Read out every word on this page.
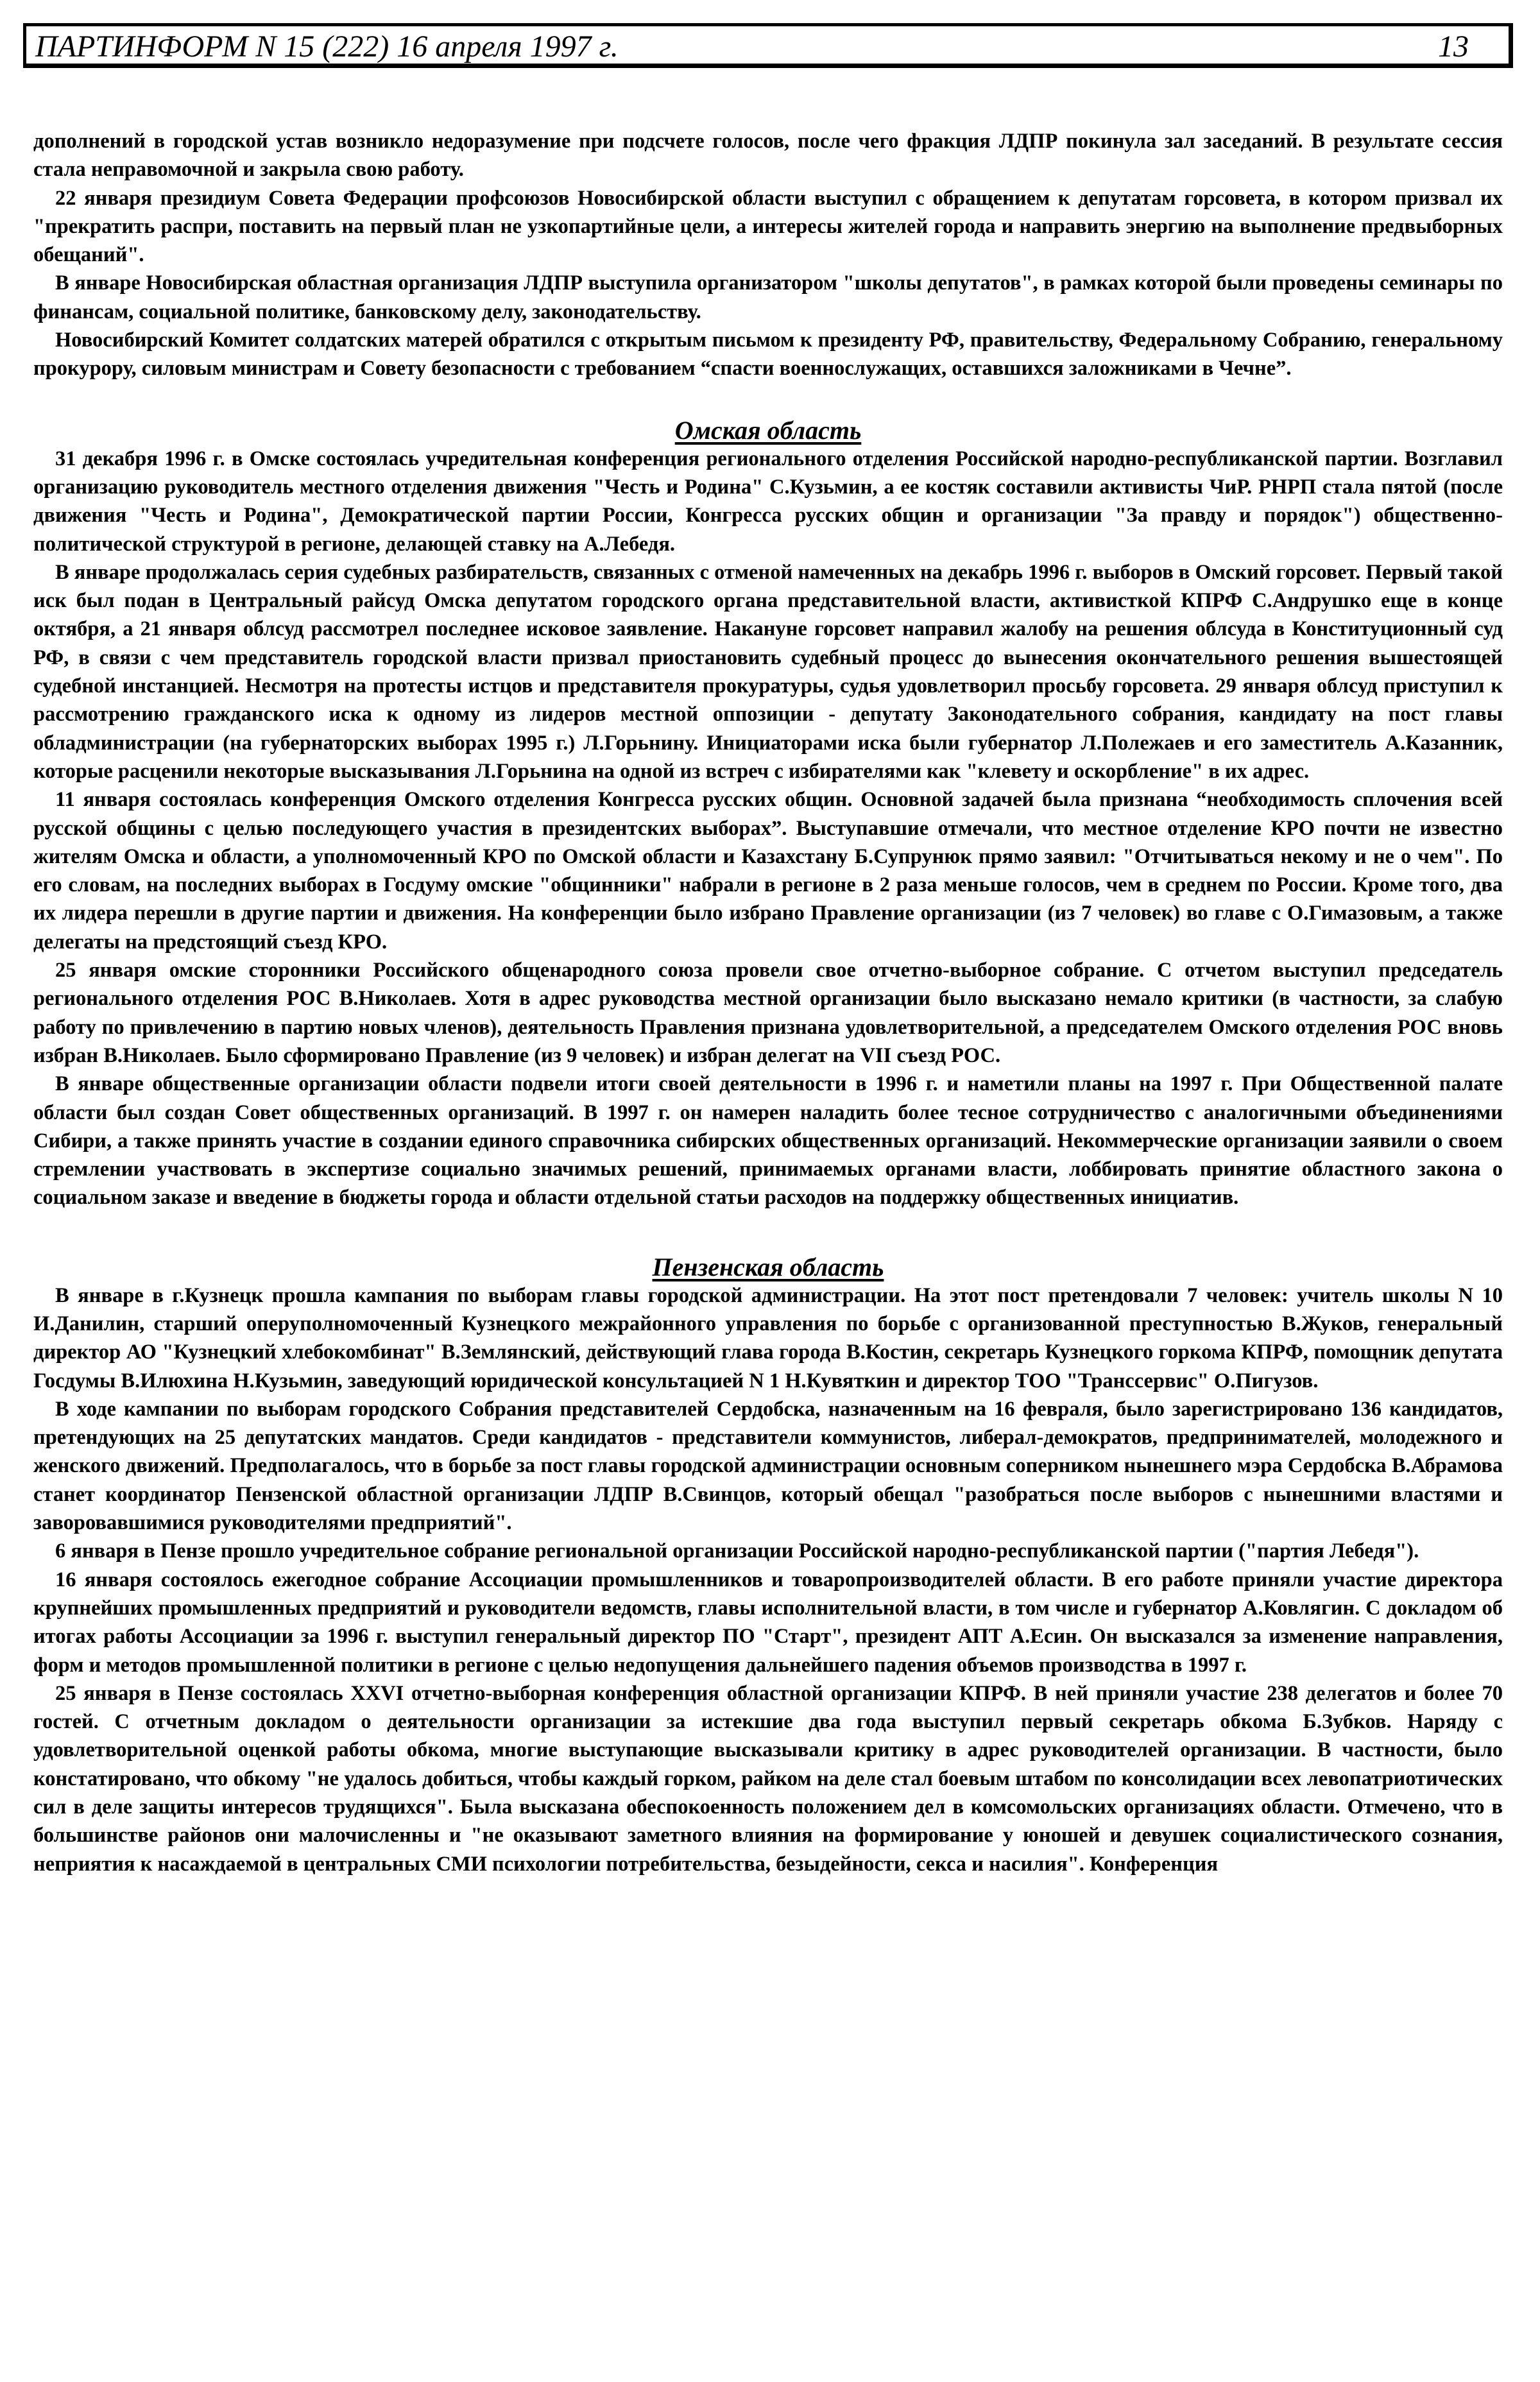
ПАРТИНФОРМ N 15 (222) 16 апреля 1997 г.	13

дополнений в городской устав возникло недоразумение при подсчете голосов, после чего фракция ЛДПР покинула зал заседаний. В результате сессия стала неправомочной и закрыла свою работу.

22 января президиум Совета Федерации профсоюзов Новосибирской области выступил с обращением к депутатам горсовета, в котором призвал их "прекратить распри, поставить на первый план не узкопартийные цели, а интересы жителей города и направить энергию на выполнение предвыборных обещаний".

В январе Новосибирская областная организация ЛДПР выступила организатором "школы депутатов", в рамках которой были проведены семинары по финансам, социальной политике, банковскому делу, законодательству.

Новосибирский Комитет солдатских матерей обратился с открытым письмом к президенту РФ, правительству, Федеральному Собранию, генеральному прокурору, силовым министрам и Совету безопасности с требованием “спасти военнослужащих, оставшихся заложниками в Чечне”.

Омская область

31 декабря 1996 г. в Омске состоялась учредительная конференция регионального отделения Российской народно-республиканской партии. Возглавил организацию руководитель местного отделения движения "Честь и Родина" С.Кузьмин, а ее костяк составили активисты ЧиР. РНРП стала пятой (после движения "Честь и Родина", Демократической партии России, Конгресса русских общин и организации "За правду и порядок") общественно-политической структурой в регионе, делающей ставку на А.Лебедя.

В январе продолжалась серия судебных разбирательств, связанных с отменой намеченных на декабрь 1996 г. выборов в Омский горсовет. Первый такой иск был подан в Центральный райсуд Омска депутатом городского органа представительной власти, активисткой КПРФ С.Андрушко еще в конце октября, а 21 января облсуд рассмотрел последнее исковое заявление. Накануне горсовет направил жалобу на решения облсуда в Конституционный суд РФ, в связи с чем представитель городской власти призвал приостановить судебный процесс до вынесения окончательного решения вышестоящей судебной инстанцией. Несмотря на протесты истцов и представителя прокуратуры, судья удовлетворил просьбу горсовета. 29 января облсуд приступил к рассмотрению гражданского иска к одному из лидеров местной оппозиции - депутату Законодательного собрания, кандидату на пост главы обладминистрации (на губернаторских выборах 1995 г.) Л.Горьнину. Инициаторами иска были губернатор Л.Полежаев и его заместитель А.Казанник, которые расценили некоторые высказывания Л.Горьнина на одной из встреч с избирателями как "клевету и оскорбление" в их адрес.

11 января состоялась конференция Омского отделения Конгресса русских общин. Основной задачей была признана “необходимость сплочения всей русской общины с целью последующего участия в президентских выборах”. Выступавшие отмечали, что местное отделение КРО почти не известно жителям Омска и области, а уполномоченный КРО по Омской области и Казахстану Б.Супрунюк прямо заявил: "Отчитываться некому и не о чем". По его словам, на последних выборах в Госдуму омские "общинники" набрали в регионе в 2 раза меньше голосов, чем в среднем по России. Кроме того, два их лидера перешли в другие партии и движения. На конференции было избрано Правление организации (из 7 человек) во главе с О.Гимазовым, а также делегаты на предстоящий съезд КРО.

25 января омские сторонники Российского общенародного союза провели свое отчетно-выборное собрание. С отчетом выступил председатель регионального отделения РОС В.Николаев. Хотя в адрес руководства местной организации было высказано немало критики (в частности, за слабую работу по привлечению в партию новых членов), деятельность Правления признана удовлетворительной, а председателем Омского отделения РОС вновь избран В.Николаев. Было сформировано Правление (из 9 человек) и избран делегат на VII съезд РОС.

В январе общественные организации области подвели итоги своей деятельности в 1996 г. и наметили планы на 1997 г. При Общественной палате области был создан Совет общественных организаций. В 1997 г. он намерен наладить более тесное сотрудничество с аналогичными объединениями Сибири, а также принять участие в создании единого справочника сибирских общественных организаций. Некоммерческие организации заявили о своем стремлении участвовать в экспертизе социально значимых решений, принимаемых органами власти, лоббировать принятие областного закона о социальном заказе и введение в бюджеты города и области отдельной статьи расходов на поддержку общественных инициатив.

Пензенская область

В январе в г.Кузнецк прошла кампания по выборам главы городской администрации. На этот пост претендовали 7 человек: учитель школы N 10 И.Данилин, старший оперуполномоченный Кузнецкого межрайонного управления по борьбе с организованной преступностью В.Жуков, генеральный директор АО "Кузнецкий хлебокомбинат" В.Землянский, действующий глава города В.Костин, секретарь Кузнецкого горкома КПРФ, помощник депутата Госдумы В.Илюхина Н.Кузьмин, заведующий юридической консультацией N 1 Н.Кувяткин и директор ТОО "Транссервис" О.Пигузов.

В ходе кампании по выборам городского Собрания представителей Сердобска, назначенным на 16 февраля, было зарегистрировано 136 кандидатов, претендующих на 25 депутатских мандатов. Среди кандидатов - представители коммунистов, либерал-демократов, предпринимателей, молодежного и женского движений. Предполагалось, что в борьбе за пост главы городской администрации основным соперником нынешнего мэра Сердобска В.Абрамова станет координатор Пензенской областной организации ЛДПР В.Свинцов, который обещал "разобраться после выборов с нынешними властями и заворовавшимися руководителями предприятий".

6 января в Пензе прошло учредительное собрание региональной организации Российской народно-республиканской партии ("партия Лебедя").

16 января состоялось ежегодное собрание Ассоциации промышленников и товаропроизводителей области. В его работе приняли участие директора крупнейших промышленных предприятий и руководители ведомств, главы исполнительной власти, в том числе и губернатор А.Ковлягин. С докладом об итогах работы Ассоциации за 1996 г. выступил генеральный директор ПО "Старт", президент АПТ А.Есин. Он высказался за изменение направления, форм и методов промышленной политики в регионе с целью недопущения дальнейшего падения объемов производства в 1997 г.

25 января в Пензе состоялась XXVI отчетно-выборная конференция областной организации КПРФ. В ней приняли участие 238 делегатов и более 70 гостей. С отчетным докладом о деятельности организации за истекшие два года выступил первый секретарь обкома Б.Зубков. Наряду с удовлетворительной оценкой работы обкома, многие выступающие высказывали критику в адрес руководителей организации. В частности, было констатировано, что обкому "не удалось добиться, чтобы каждый горком, райком на деле стал боевым штабом по консолидации всех левопатриотических сил в деле защиты интересов трудящихся". Была высказана обеспокоенность положением дел в комсомольских организациях области. Отмечено, что в большинстве районов они малочисленны и "не оказывают заметного влияния на формирование у юношей и девушек социалистического сознания, неприятия к насаждаемой в центральных СМИ психологии потребительства, безыдейности, секса и насилия". Конференция
